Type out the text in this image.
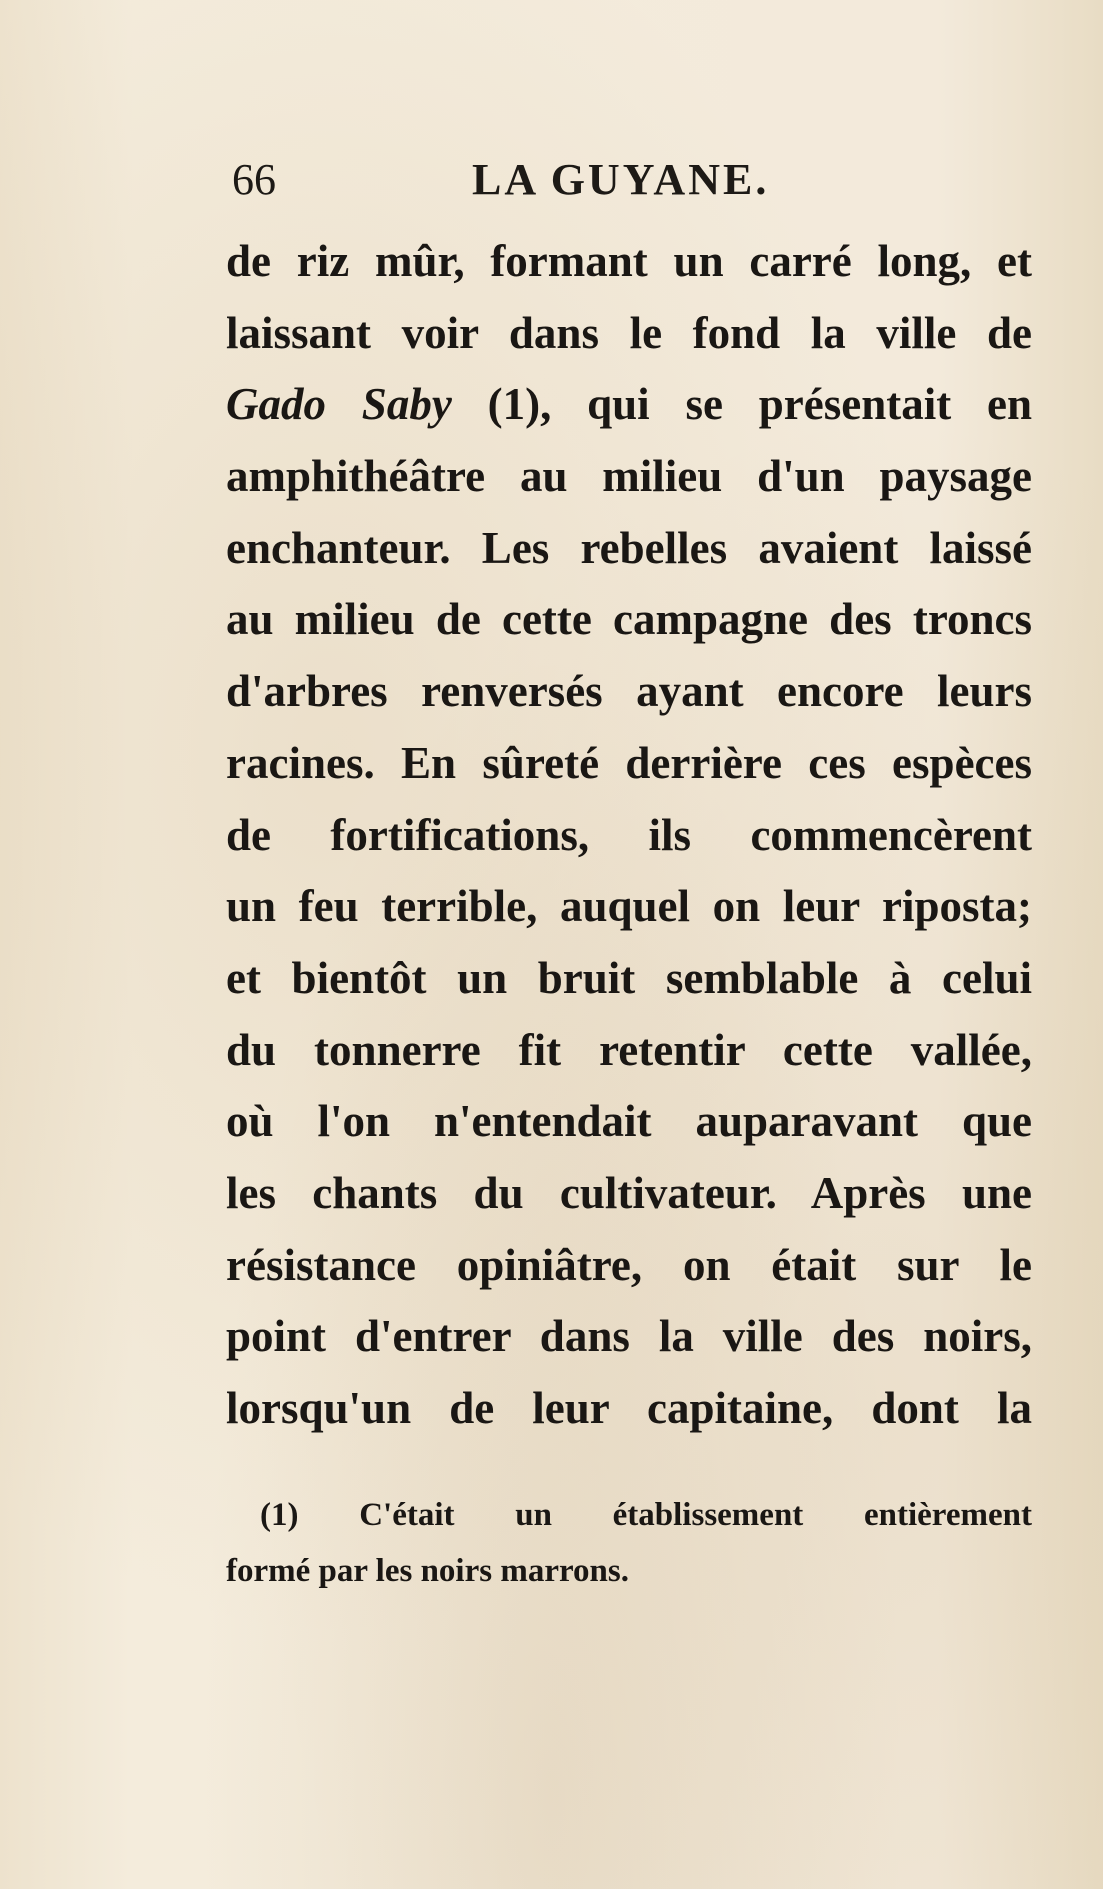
66	LA GUYANE.
de riz mûr, formant un carré long, et
laissant voir dans le fond la ville de
Gado Saby (1), qui se présentait en
amphithéâtre au milieu d'un paysage
enchanteur. Les rebelles avaient laissé
au milieu de cette campagne des troncs
d'arbres renversés ayant encore leurs
racines. En sûreté derrière ces espèces
de fortifications, ils commencèrent
un feu terrible, auquel on leur riposta;
et bientôt un bruit semblable à celui
du tonnerre fit retentir cette vallée,
où l'on n'entendait auparavant que
les chants du cultivateur. Après une
résistance opiniâtre, on était sur le
point d'entrer dans la ville des noirs,
lorsqu'un de leur capitaine, dont la
(1) C'était un établissement entièrement
formé par les noirs marrons.
